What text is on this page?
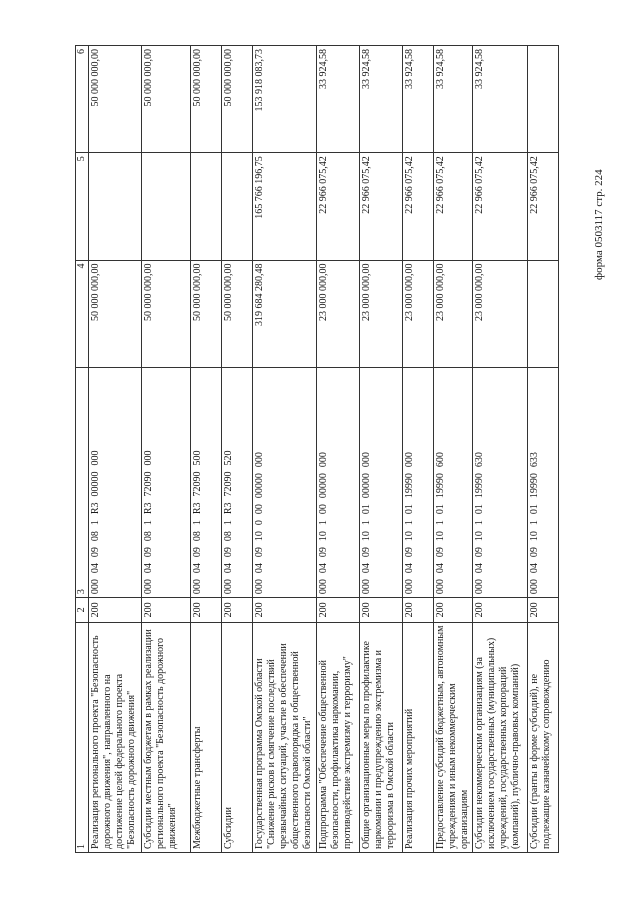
форма 0503117 стр. 224
1	2	3	4	5	6
Реализация регионального проекта "Безопасность дорожного движения", направленного на достижение целей федерального проекта "Безопасность дорожного движения"	200	0000409081R300000000	50 000 000,00		50 000 000,00
Субсидии местным бюджетам в рамках реализации регионального проекта "Безопасность дорожного движения"	200	0000409081R372090000	50 000 000,00		50 000 000,00
Межбюджетные трансферты	200	0000409081R372090500	50 000 000,00		50 000 000,00
Субсидии	200	0000409081R372090520	50 000 000,00		50 000 000,00
Государственная программа Омской области "Снижение рисков и смягчение последствий чрезвычайных ситуаций, участие в обеспечении общественного правопорядка и общественной безопасности Омской области"	200	00004091000000000000	319 684 280,48	165 766 196,75	153 918 083,73
Подпрограмма "Обеспечение общественной безопасности, профилактика наркомании, противодействие экстремизму и терроризму"	200	00004091010000000000	23 000 000,00	22 966 075,42	33 924,58
Общие организационные меры по профилактике наркомании и предупреждению экстремизма и терроризма в Омской области	200	00004091010100000000	23 000 000,00	22 966 075,42	33 924,58
Реализация прочих мероприятий	200	00004091010119990000	23 000 000,00	22 966 075,42	33 924,58
Предоставление субсидий бюджетным, автономным учреждениям и иным некоммерческим организациям	200	00004091010119990600	23 000 000,00	22 966 075,42	33 924,58
Субсидии некоммерческим организациям (за исключением государственных (муниципальных) учреждений, государственных корпораций (компаний), публично-правовых компаний)	200	00004091010119990630	23 000 000,00	22 966 075,42	33 924,58
Субсидии (гранты в форме субсидий), не подлежащие казначейскому сопровождению	200	00004091010119990633		22 966 075,42	
